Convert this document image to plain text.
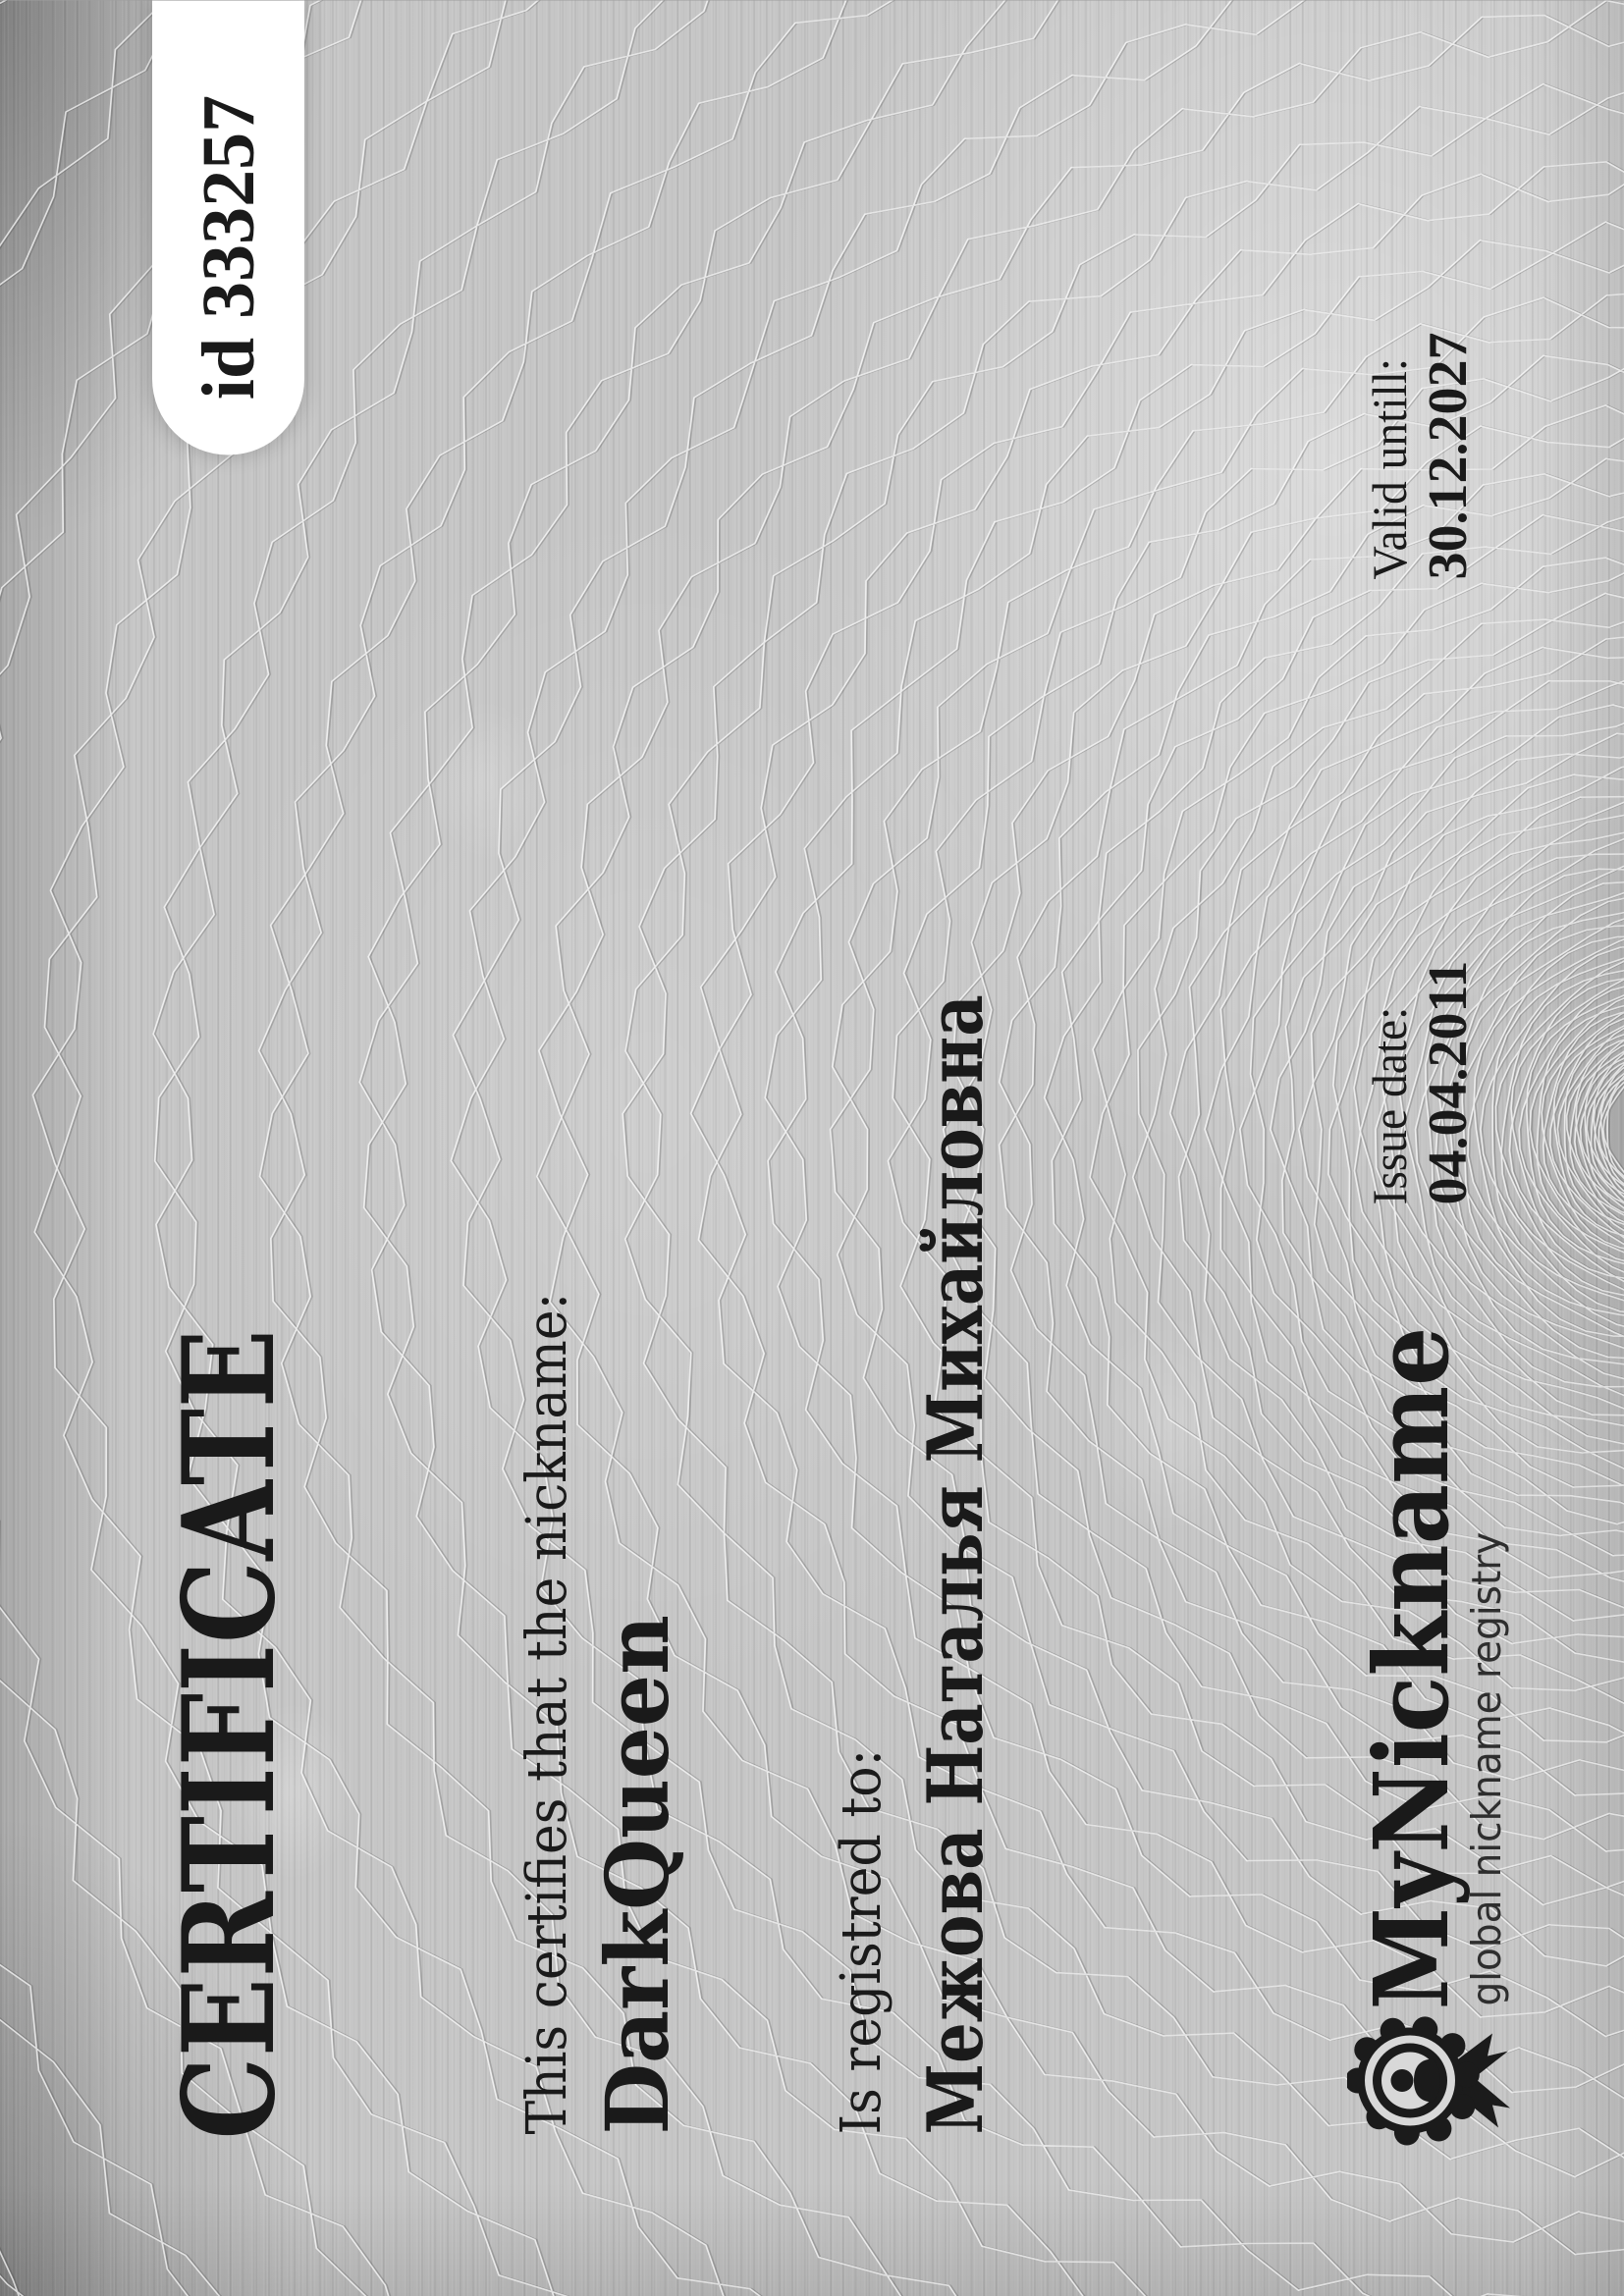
CERTIFICATE	This certifies that the nickname: DarkQueen	Is registred to: Межова Наталья Михайловна
id 333257
MyNickname
global nickname registry
Issue date: 04.04.2011
Valid untill: 30.12.2027
